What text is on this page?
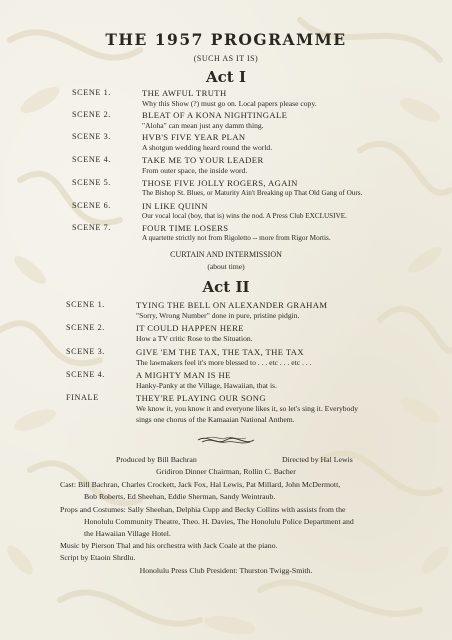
THE 1957 PROGRAMME
(SUCH AS IT IS)
Act I
SCENE 1.	THE AWFUL TRUTH
Why this Show (?) must go on. Local papers please copy.
SCENE 2.	BLEAT OF A KONA NIGHTINGALE
"Aloha" can mean just any damm thing.
SCENE 3.	HVB'S FIVE YEAR PLAN
A shotgun wedding heard round the world.
SCENE 4.	TAKE ME TO YOUR LEADER
From outer space, the inside word.
SCENE 5.	THOSE FIVE JOLLY ROGERS, AGAIN
The Bishop St. Blues, or Maturity Ain't Breaking up That Old Gang of Ours.
SCENE 6.	IN LIKE QUINN
Our vocal local (boy, that is) wins the nod. A Press Club EXCLUSIVE.
SCENE 7.	FOUR TIME LOSERS
A quartette strictly not from Rigoletto -- more from Rigor Mortis.
CURTAIN AND INTERMISSION
(about time)
Act II
SCENE 1.	TYING THE BELL ON ALEXANDER GRAHAM
"Sorry, Wrong Number" done in pure, pristine pidgin.
SCENE 2.	IT COULD HAPPEN HERE
How a TV critic Rose to the Situation.
SCENE 3.	GIVE 'EM THE TAX, THE TAX, THE TAX
The lawmakers feel it's more blessed to . . . etc . . . etc . . .
SCENE 4.	A MIGHTY MAN IS HE
Hanky-Panky at the Village, Hawaiian, that is.
FINALE	THEY'RE PLAYING OUR SONG
We know it, you know it and everyone likes it, so let's sing it. Everybody
sings one chorus of the Kamaaian National Anthem.
Produced by Bill Bachran	Directed by Hal Lewis
Gridiron Dinner Chairman, Rollin C. Bacher
Cast: Bill Bachran, Charles Crockett, Jack Fox, Hal Lewis, Pat Millard, John McDermott,
Bob Roberts, Ed Sheehan, Eddie Sherman, Sandy Weintraub.
Props and Costumes: Sally Sheehan, Delphia Cupp and Becky Collins with assists from the
Honolulu Community Theatre, Theo. H. Davies, The Honolulu Police Department and
the Hawaiian Village Hotel.
Music by Pierson Thal and his orchestra with Jack Coale at the piano.
Script by Etaoin Shrdlu.
Honolulu Press Club President: Thurston Twigg-Smith.
